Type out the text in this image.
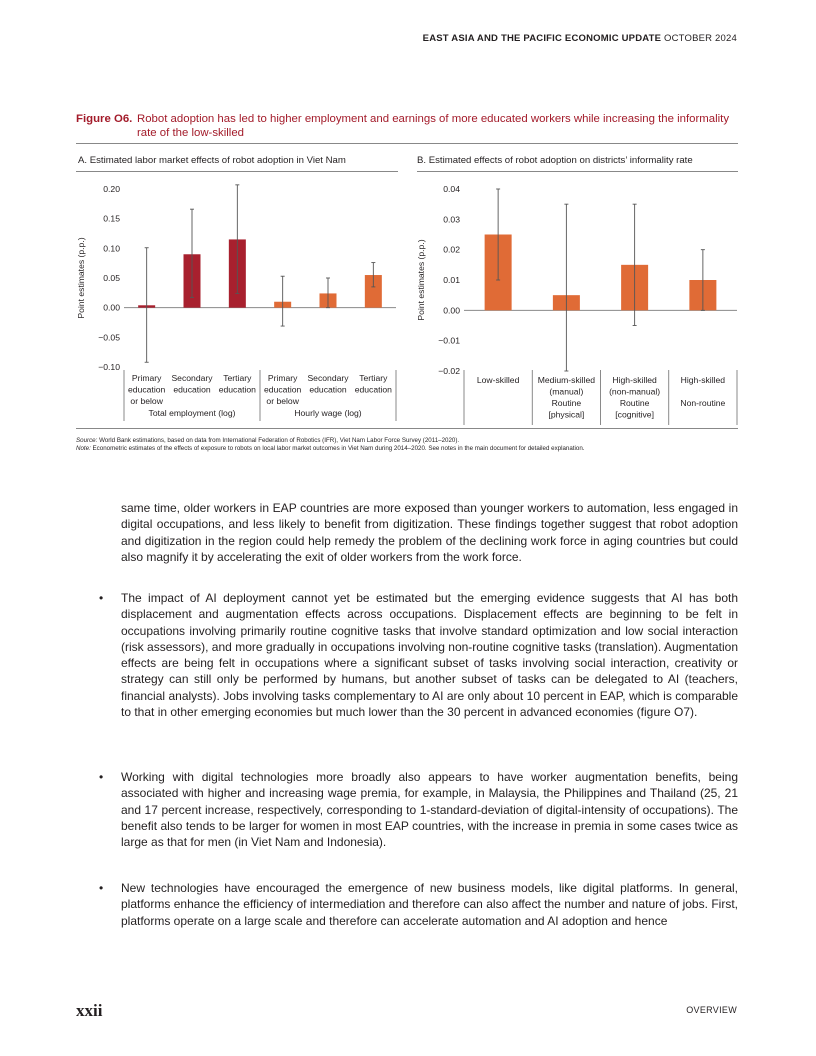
EAST ASIA AND THE PACIFIC ECONOMIC UPDATE OCTOBER 2024
Figure O6. Robot adoption has led to higher employment and earnings of more educated workers while increasing the informality rate of the low-skilled
A. Estimated labor market effects of robot adoption in Viet Nam	B. Estimated effects of robot adoption on districts’ informality rate
Point estimates (p.p.)
0.20
0.15
0.10
0.05
0.00
−0.05
−0.10
Primary
education
or below
Secondary
education
Tertiary
education
Primary
education
or below
Secondary
education
Tertiary
education
Total employment (log)	Hourly wage (log)
Point estimates (p.p.)
0.04
0.03
0.02
0.01
0.00
−0.01
−0.02
Low-skilled Medium-skilled
(manual)
High-skilled
(non-manual)
High-skilled
Routine
[physical]
Routine
[cognitive]
Non-routine
Source: World Bank estimations, based on data from International Federation of Robotics (IFR), Viet Nam Labor Force Survey (2011–2020).
Note: Econometric estimates of the effects of exposure to robots on local labor market outcomes in Viet Nam during 2014–2020. See notes in the main document for detailed explanation.

same time, older workers in EAP countries are more exposed than younger workers to automation, less engaged in digital occupations, and less likely to benefit from digitization. These findings together suggest that robot adoption and digitization in the region could help remedy the problem of the declining work force in aging countries but could also magnify it by accelerating the exit of older workers from the work force.

• The impact of AI deployment cannot yet be estimated but the emerging evidence suggests that AI has both displacement and augmentation effects across occupations. Displacement effects are beginning to be felt in occupations involving primarily routine cognitive tasks that involve standard optimization and low social interaction (risk assessors), and more gradually in occupations involving non-routine cognitive tasks (translation). Augmentation effects are being felt in occupations where a significant subset of tasks involving social interaction, creativity or strategy can still only be performed by humans, but another subset of tasks can be delegated to AI (teachers, financial analysts). Jobs involving tasks complementary to AI are only about 10 percent in EAP, which is comparable to that in other emerging economies but much lower than the 30 percent in advanced economies (figure O7).

• Working with digital technologies more broadly also appears to have worker augmentation benefits, being associated with higher and increasing wage premia, for example, in Malaysia, the Philippines and Thailand (25, 21 and 17 percent increase, respectively, corresponding to 1-standard-deviation of digital-intensity of occupations). The benefit also tends to be larger for women in most EAP countries, with the increase in premia in some cases twice as large as that for men (in Viet Nam and Indonesia).

• New technologies have encouraged the emergence of new business models, like digital platforms. In general, platforms enhance the efficiency of intermediation and therefore can also affect the number and nature of jobs. First, platforms operate on a large scale and therefore can accelerate automation and AI adoption and hence

xxii	OVERVIEW
